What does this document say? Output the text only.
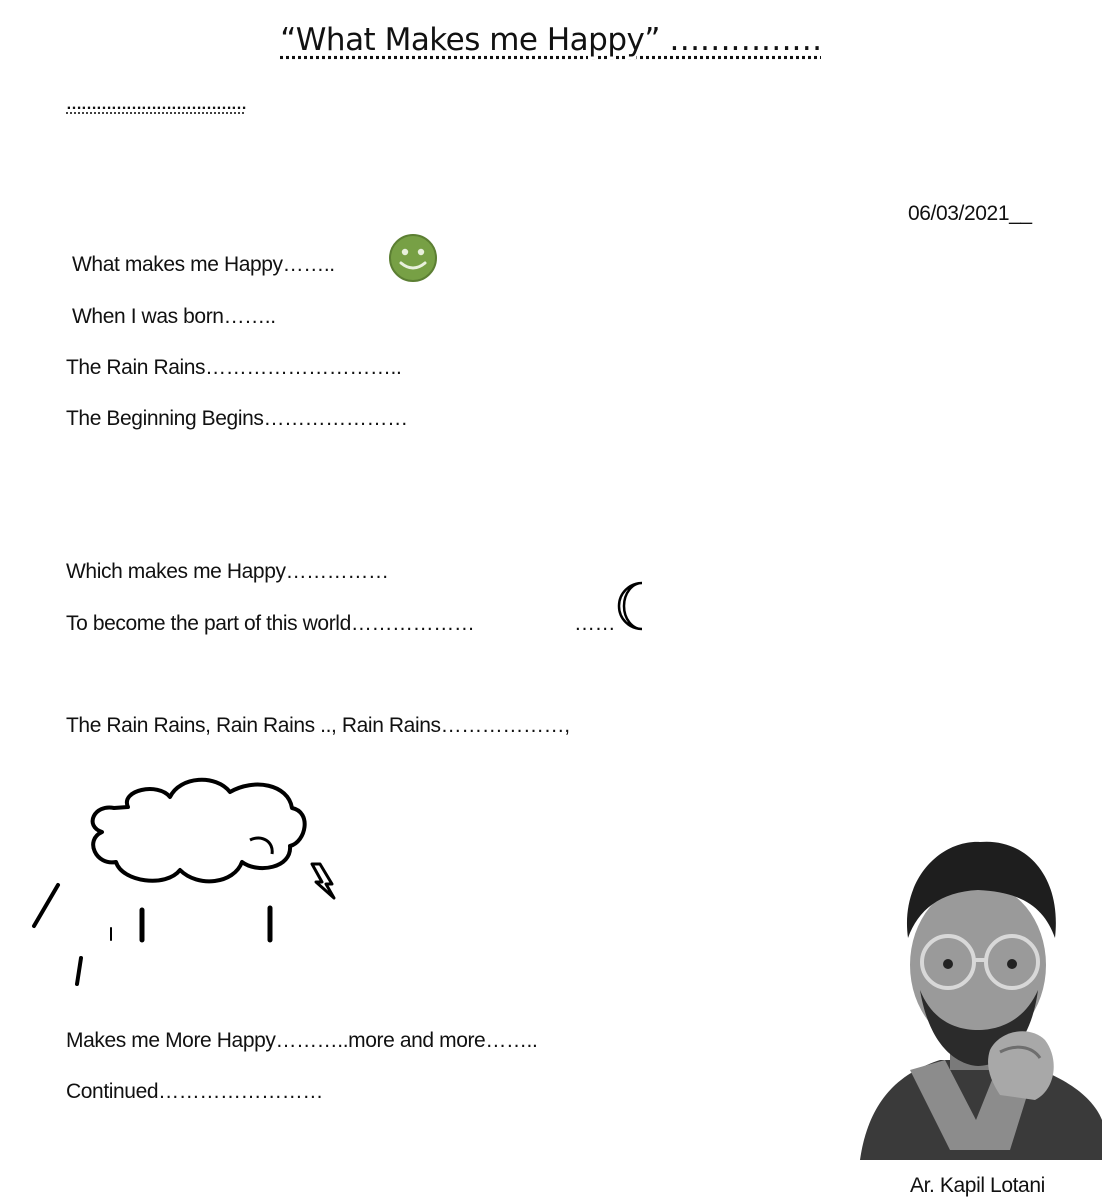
“What Makes me Happy” ……………
………………………………
06/03/2021__
What makes me Happy……..
When I was born……..
The Rain Rains………………………..
The Beginning Begins…………………
Which makes me Happy……………
To become the part of this world………………	……
The Rain Rains, Rain Rains .., Rain Rains………………,
Makes me More Happy………..more and more……..
Continued……………………
Ar. Kapil Lotani
